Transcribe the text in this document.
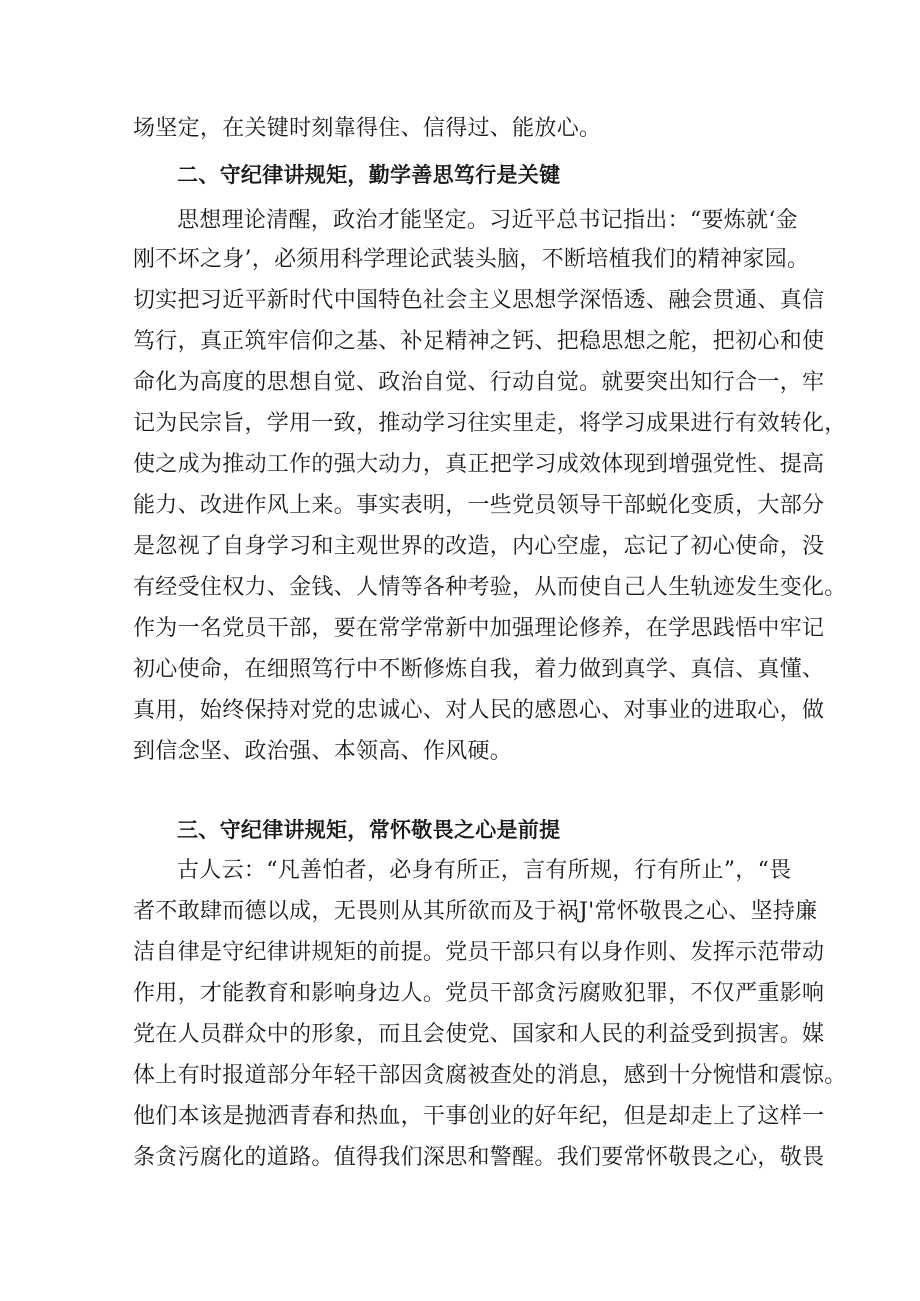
场坚定，在关键时刻靠得住、信得过、能放心。

二、守纪律讲规矩，勤学善思笃行是关键

思想理论清醒，政治才能坚定。习近平总书记指出：“要炼就‘金

刚不坏之身’，必须用科学理论武装头脑，不断培植我们的精神家园。

切实把习近平新时代中国特色社会主义思想学深悟透、融会贯通、真信

笃行，真正筑牢信仰之基、补足精神之钙、把稳思想之舵，把初心和使

命化为高度的思想自觉、政治自觉、行动自觉。就要突出知行合一，牢

记为民宗旨，学用一致，推动学习往实里走，将学习成果进行有效转化，

使之成为推动工作的强大动力，真正把学习成效体现到增强党性、提高

能力、改进作风上来。事实表明，一些党员领导干部蜕化变质，大部分

是忽视了自身学习和主观世界的改造，内心空虚，忘记了初心使命，没

有经受住权力、金钱、人情等各种考验，从而使自己人生轨迹发生变化。

作为一名党员干部，要在常学常新中加强理论修养，在学思践悟中牢记

初心使命，在细照笃行中不断修炼自我，着力做到真学、真信、真懂、

真用，始终保持对党的忠诚心、对人民的感恩心、对事业的进取心，做

到信念坚、政治强、本领高、作风硬。

三、守纪律讲规矩，常怀敬畏之心是前提

古人云：“凡善怕者，必身有所正，言有所规，行有所止”，“畏

者不敢肆而德以成，无畏则从其所欲而及于祸J'常怀敬畏之心、坚持廉

洁自律是守纪律讲规矩的前提。党员干部只有以身作则、发挥示范带动

作用，才能教育和影响身边人。党员干部贪污腐败犯罪，不仅严重影响

党在人员群众中的形象，而且会使党、国家和人民的利益受到损害。媒

体上有时报道部分年轻干部因贪腐被查处的消息，感到十分惋惜和震惊。

他们本该是抛洒青春和热血，干事创业的好年纪，但是却走上了这样一

条贪污腐化的道路。值得我们深思和警醒。我们要常怀敬畏之心，敬畏
